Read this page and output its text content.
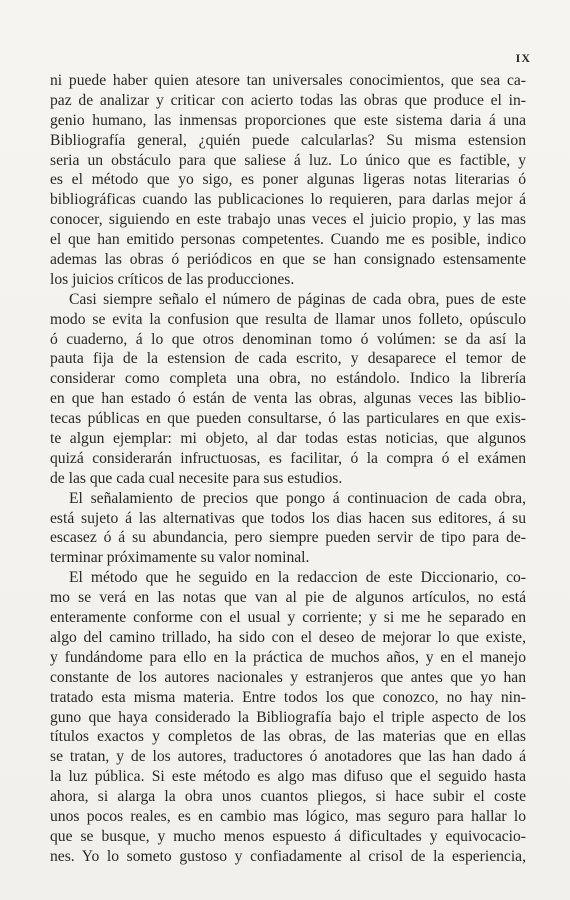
IX
ni puede haber quien atesore tan universales conocimientos, que sea ca-
paz de analizar y criticar con acierto todas las obras que produce el in-
genio humano, las inmensas proporciones que este sistema daria á una
Bibliografía general, ¿quién puede calcularlas? Su misma estension
seria un obstáculo para que saliese á luz. Lo único que es factible, y
es el método que yo sigo, es poner algunas ligeras notas literarias ó
bibliográficas cuando las publicaciones lo requieren, para darlas mejor á
conocer, siguiendo en este trabajo unas veces el juicio propio, y las mas
el que han emitido personas competentes. Cuando me es posible, indico
ademas las obras ó periódicos en que se han consignado estensamente
los juicios críticos de las producciones.
Casi siempre señalo el número de páginas de cada obra, pues de este
modo se evita la confusion que resulta de llamar unos folleto, opúsculo
ó cuaderno, á lo que otros denominan tomo ó volúmen: se da así la
pauta fija de la estension de cada escrito, y desaparece el temor de
considerar como completa una obra, no estándolo. Indico la librería
en que han estado ó están de venta las obras, algunas veces las biblio-
tecas públicas en que pueden consultarse, ó las particulares en que exis-
te algun ejemplar: mi objeto, al dar todas estas noticias, que algunos
quizá considerarán infructuosas, es facilitar, ó la compra ó el exámen
de las que cada cual necesite para sus estudios.
El señalamiento de precios que pongo á continuacion de cada obra,
está sujeto á las alternativas que todos los dias hacen sus editores, á su
escasez ó á su abundancia, pero siempre pueden servir de tipo para de-
terminar próximamente su valor nominal.
El método que he seguido en la redaccion de este Diccionario, co-
mo se verá en las notas que van al pie de algunos artículos, no está
enteramente conforme con el usual y corriente; y si me he separado en
algo del camino trillado, ha sido con el deseo de mejorar lo que existe,
y fundándome para ello en la práctica de muchos años, y en el manejo
constante de los autores nacionales y estranjeros que antes que yo han
tratado esta misma materia. Entre todos los que conozco, no hay nin-
guno que haya considerado la Bibliografía bajo el triple aspecto de los
títulos exactos y completos de las obras, de las materias que en ellas
se tratan, y de los autores, traductores ó anotadores que las han dado á
la luz pública. Si este método es algo mas difuso que el seguido hasta
ahora, si alarga la obra unos cuantos pliegos, si hace subir el coste
unos pocos reales, es en cambio mas lógico, mas seguro para hallar lo
que se busque, y mucho menos espuesto á dificultades y equivocacio-
nes. Yo lo someto gustoso y confiadamente al crisol de la esperiencia,
